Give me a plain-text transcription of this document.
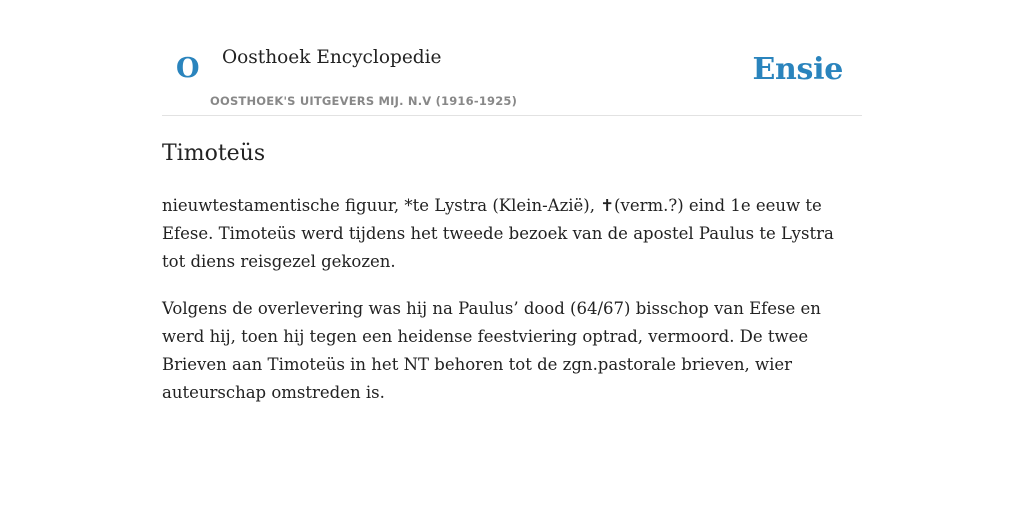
O Oosthoek Encyclopedie
OOSTHOEK'S UITGEVERS MIJ. N.V (1916-1925)
Ensie
Timoteüs

nieuwtestamentische figuur, *te Lystra (Klein-Azië), ✝(verm.?) eind 1e eeuw te Efese. Timoteüs werd tijdens het tweede bezoek van de apostel Paulus te Lystra tot diens reisgezel gekozen.

Volgens de overlevering was hij na Paulus’ dood (64/67) bisschop van Efese en werd hij, toen hij tegen een heidense feestviering optrad, vermoord. De twee Brieven aan Timoteüs in het NT behoren tot de zgn.pastorale brieven, wier auteurschap omstreden is.
